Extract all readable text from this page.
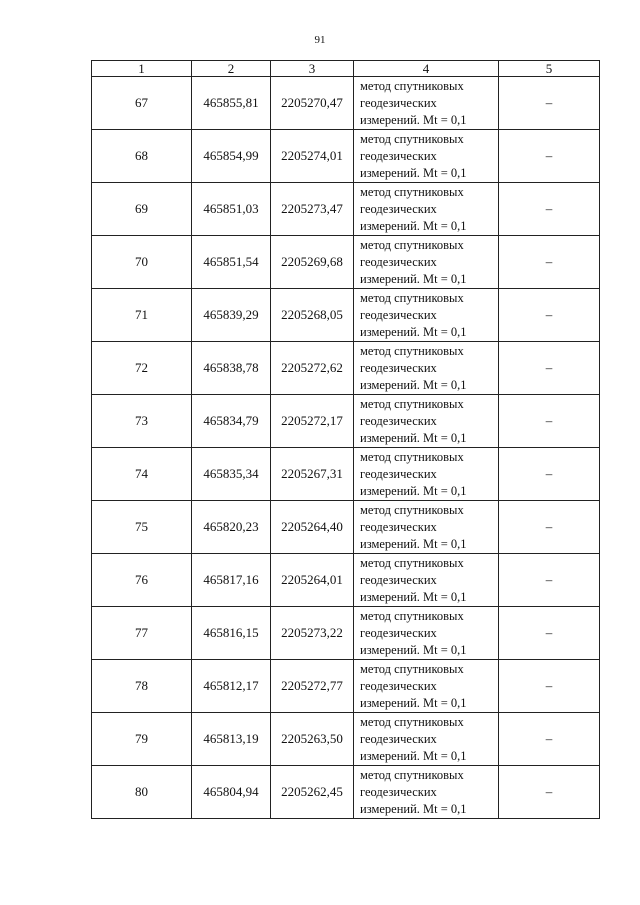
91
1	2	3	4	5
67	465855,81	2205270,47	метод спутниковых
геодезических
измерений. Mt = 0,1	–
68	465854,99	2205274,01	метод спутниковых
геодезических
измерений. Mt = 0,1	–
69	465851,03	2205273,47	метод спутниковых
геодезических
измерений. Mt = 0,1	–
70	465851,54	2205269,68	метод спутниковых
геодезических
измерений. Mt = 0,1	–
71	465839,29	2205268,05	метод спутниковых
геодезических
измерений. Mt = 0,1	–
72	465838,78	2205272,62	метод спутниковых
геодезических
измерений. Mt = 0,1	–
73	465834,79	2205272,17	метод спутниковых
геодезических
измерений. Mt = 0,1	–
74	465835,34	2205267,31	метод спутниковых
геодезических
измерений. Mt = 0,1	–
75	465820,23	2205264,40	метод спутниковых
геодезических
измерений. Mt = 0,1	–
76	465817,16	2205264,01	метод спутниковых
геодезических
измерений. Mt = 0,1	–
77	465816,15	2205273,22	метод спутниковых
геодезических
измерений. Mt = 0,1	–
78	465812,17	2205272,77	метод спутниковых
геодезических
измерений. Mt = 0,1	–
79	465813,19	2205263,50	метод спутниковых
геодезических
измерений. Mt = 0,1	–
80	465804,94	2205262,45	метод спутниковых
геодезических
измерений. Mt = 0,1	–
